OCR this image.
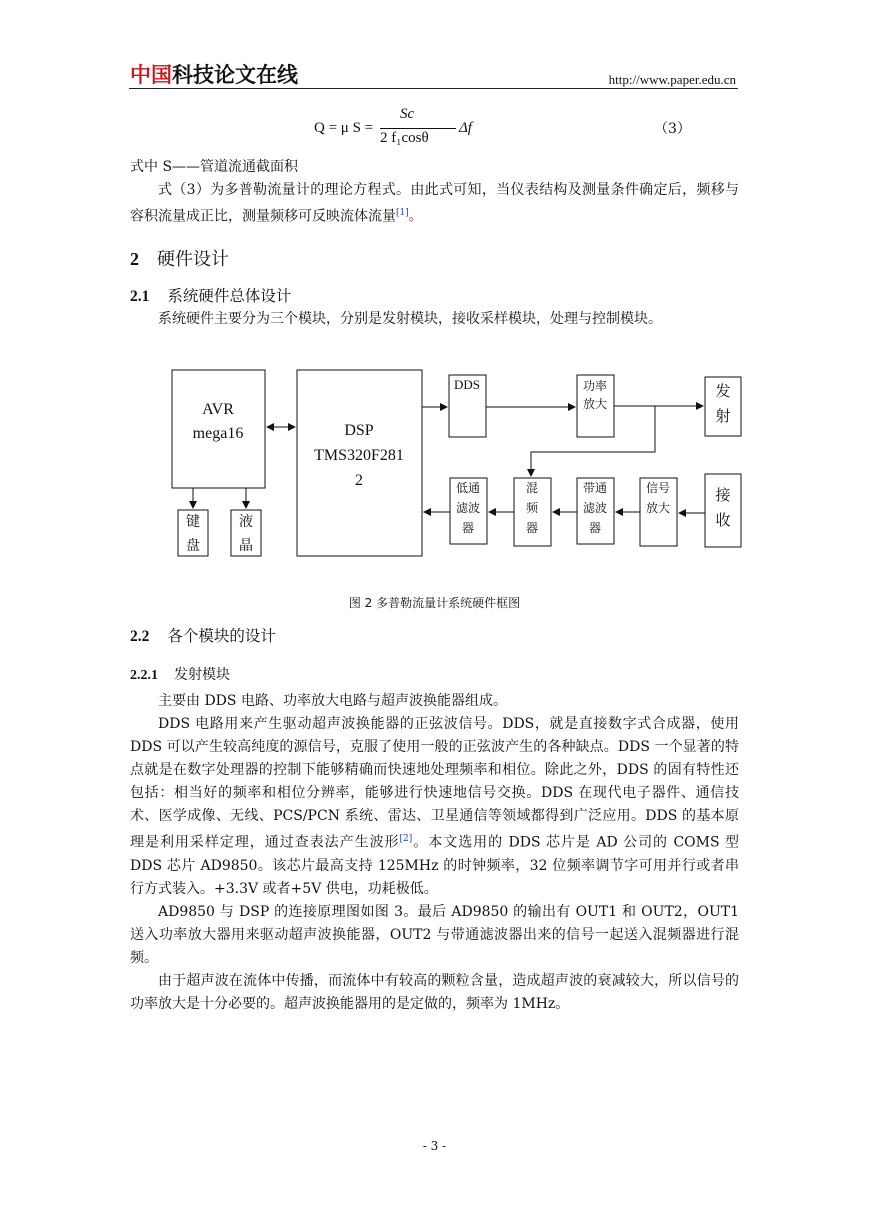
中国科技论文在线	http://www.paper.edu.cn
Q = μ S =
Sc
2 f₁cosθ
Δf	（3）

式中 S——管道流通截面积

式（3）为多普勒流量计的理论方程式。由此式可知，当仪表结构及测量条件确定后，频移与容积流量成正比，测量频移可反映流体流量[1]。

2 硬件设计
2.1 系统硬件总体设计

系统硬件主要分为三个模块，分别是发射模块，接收采样模块，处理与控制模块。

AVR
mega16	DSP
TMS320F281
2
DDS	功率
放大
发
射
接
收
信号
放大
带通
滤波
器
混
频
器
低通
滤波
器
键
盘
液
晶
图 2 多普勒流量计系统硬件框图
2.2 各个模块的设计
2.2.1 发射模块

主要由 DDS 电路、功率放大电路与超声波换能器组成。

DDS 电路用来产生驱动超声波换能器的正弦波信号。DDS，就是直接数字式合成器，使用 DDS 可以产生较高纯度的源信号，克服了使用一般的正弦波产生的各种缺点。DDS 一个显著的特点就是在数字处理器的控制下能够精确而快速地处理频率和相位。除此之外，DDS 的固有特性还包括：相当好的频率和相位分辨率，能够进行快速地信号交换。DDS 在现代电子器件、通信技术、医学成像、无线、PCS/PCN 系统、雷达、卫星通信等领域都得到广泛应用。DDS 的基本原理是利用采样定理，通过查表法产生波形[2]。本文选用的 DDS 芯片是 AD 公司的 COMS 型 DDS 芯片 AD9850。该芯片最高支持 125MHz 的时钟频率，32 位频率调节字可用并行或者串行方式装入。+3.3V 或者+5V 供电，功耗极低。

AD9850 与 DSP 的连接原理图如图 3。最后 AD9850 的输出有 OUT1 和 OUT2，OUT1 送入功率放大器用来驱动超声波换能器，OUT2 与带通滤波器出来的信号一起送入混频器进行混频。

由于超声波在流体中传播，而流体中有较高的颗粒含量，造成超声波的衰减较大，所以信号的功率放大是十分必要的。超声波换能器用的是定做的，频率为 1MHz。

- 3 -
